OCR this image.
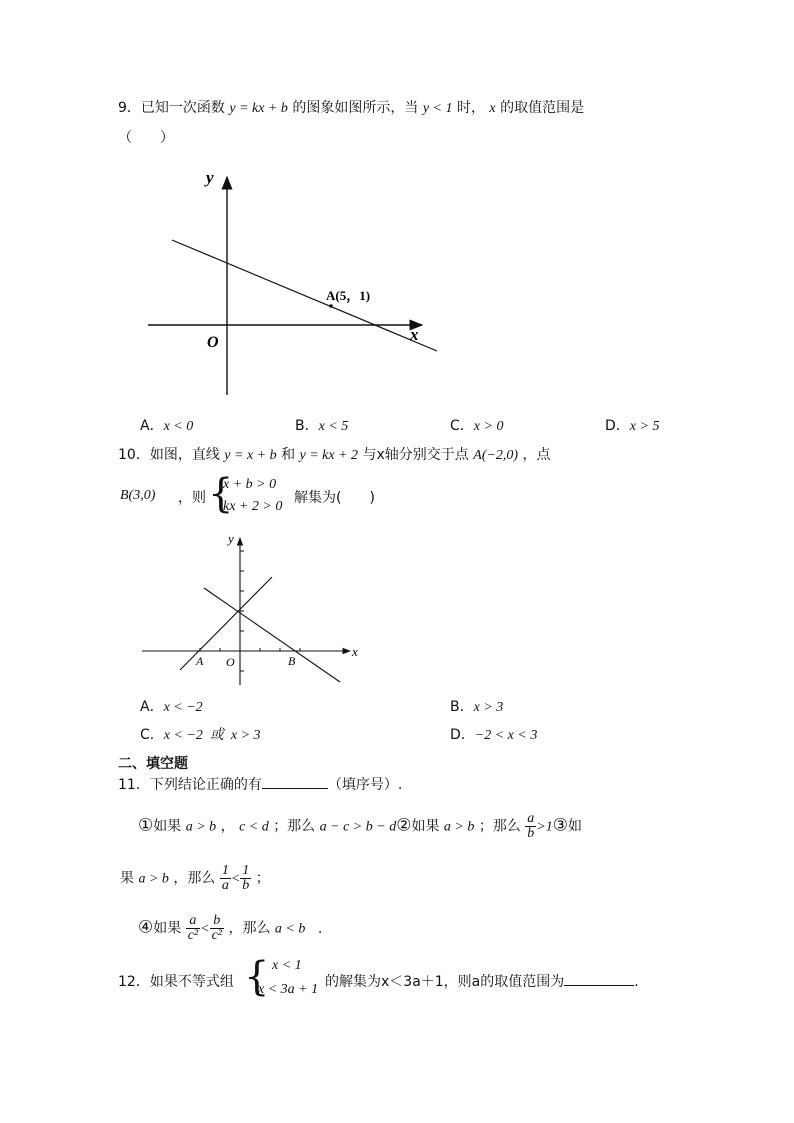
9．已知一次函数 y = kx + b 的图象如图所示，当 y < 1 时， x 的取值范围是
（　　）
y
x
O
A(5，1)
A．x < 0	B．x < 5	C．x > 0	D．x > 5
10．如图，直线 y = x + b 和 y = kx + 2 与x轴分别交于点 A(−2,0) ，点
B(3,0) ，则 {
x + b > 0
kx + 2 > 0
解集为(　　)
y
x
O
A	B
A．x < −2	B．x > 3
C．x < −2  或  x > 3	D．−2 < x < 3
二、填空题
11．下列结论正确的有	（填序号）.
①如果 a > b ， c < d ；那么 a − c > b − d②如果 a > b ；那么 $\frac{a}{b}$ >1③如
果 a > b ，那么 $\frac{1}{a} < \frac{1}{b}$ ；
④如果 $\frac{a}{\text{c²}} < \frac{b}{\text{c²}}$ ，那么 a < b .
12．如果不等式组 { x < 1
x < 3a + 1 的解集为x＜3a＋1，则a的取值范围为	.
